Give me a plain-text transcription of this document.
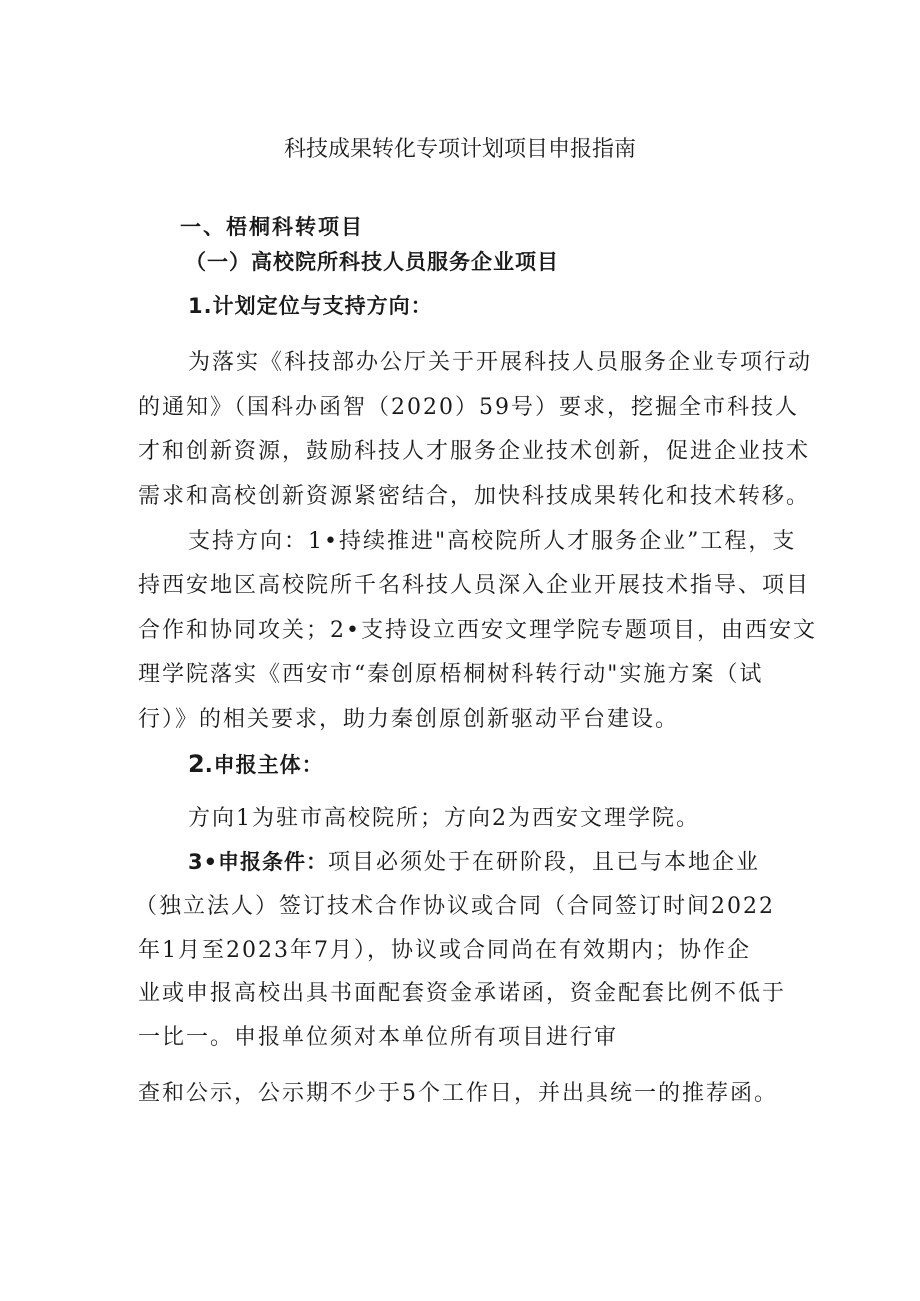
科技成果转化专项计划项目申报指南
一、梧桐科转项目
（一）高校院所科技人员服务企业项目
1.计划定位与支持方向：
为落实《科技部办公厅关于开展科技人员服务企业专项行动
的通知》（国科办函智（2020）59号）要求，挖掘全市科技人
才和创新资源，鼓励科技人才服务企业技术创新，促进企业技术
需求和高校创新资源紧密结合，加快科技成果转化和技术转移。
支持方向：1•持续推进"高校院所人才服务企业”工程，支
持西安地区高校院所千名科技人员深入企业开展技术指导、项目
合作和协同攻关；2•支持设立西安文理学院专题项目，由西安文
理学院落实《西安市“秦创原梧桐树科转行动"实施方案（试
行）》的相关要求，助力秦创原创新驱动平台建设。
2.申报主体：
方向1为驻市高校院所；方向2为西安文理学院。
3•申报条件：项目必须处于在研阶段，且已与本地企业
（独立法人）签订技术合作协议或合同（合同签订时间2022
年1月至2023年7月），协议或合同尚在有效期内；协作企
业或申报高校出具书面配套资金承诺函，资金配套比例不低于
一比一。申报单位须对本单位所有项目进行审
查和公示，公示期不少于5个工作日，并出具统一的推荐函。
